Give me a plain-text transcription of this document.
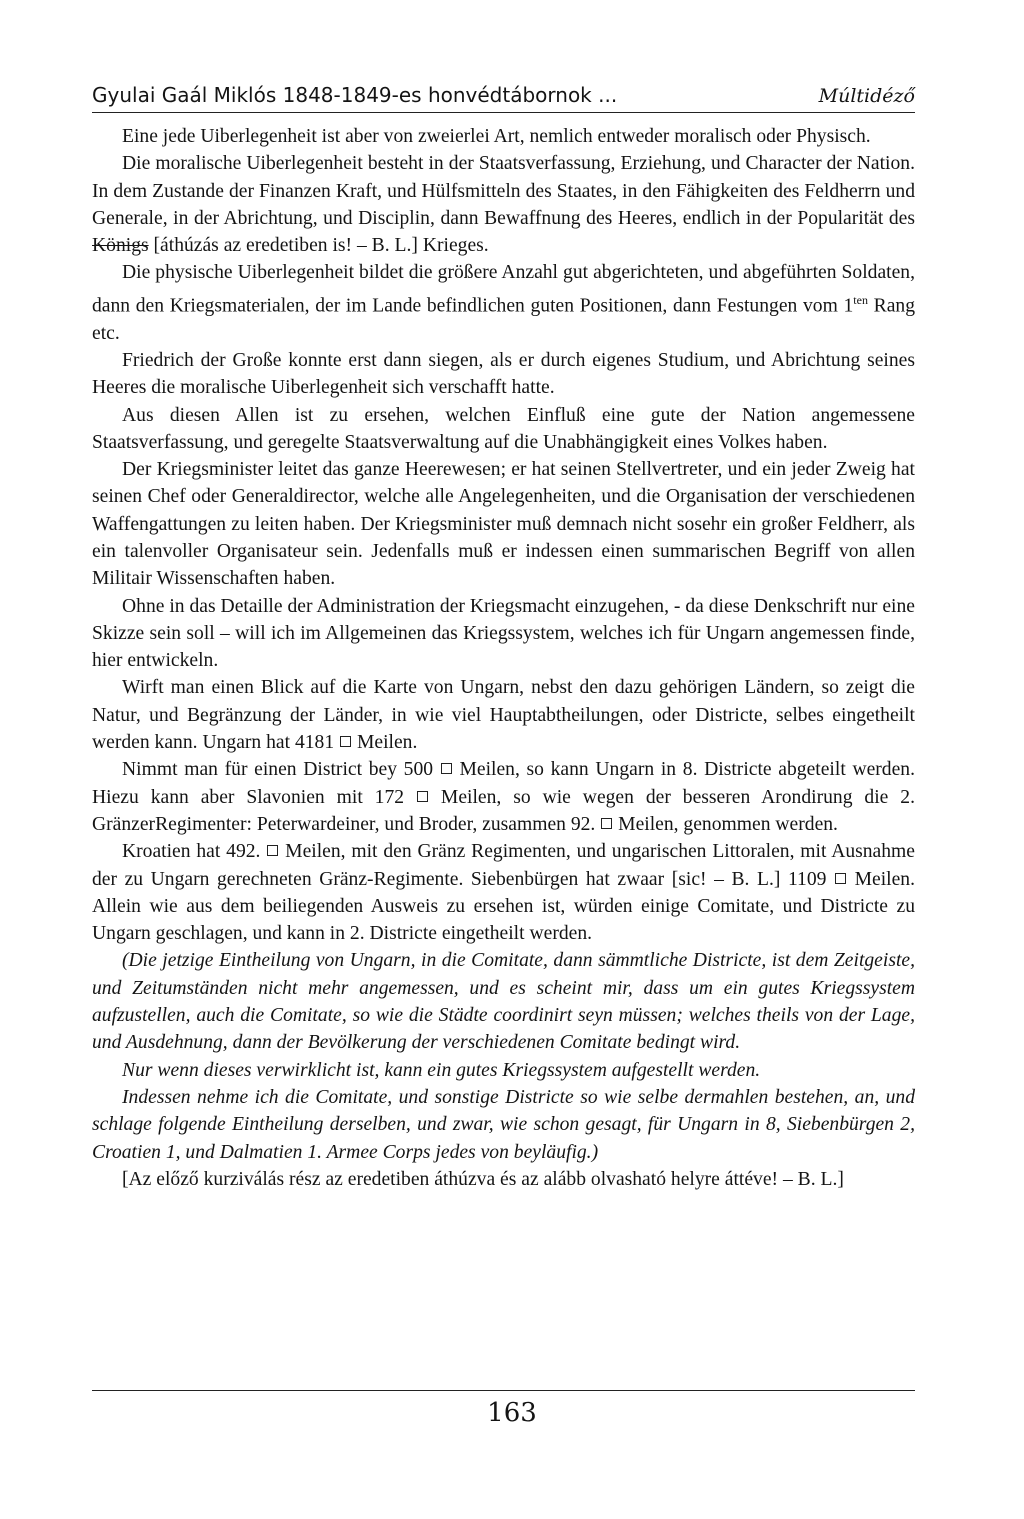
Gyulai Gaál Miklós 1848-1849-es honvédtábornok ...	Múltidéző

Eine jede Uiberlegenheit ist aber von zweierlei Art, nemlich entweder moralisch oder Physisch.

Die moralische Uiberlegenheit besteht in der Staatsverfassung, Erziehung, und Character der Nation. In dem Zustande der Finanzen Kraft, und Hülfsmitteln des Staates, in den Fähigkeiten des Feldherrn und Generale, in der Abrichtung, und Disciplin, dann Bewaffnung des Heeres, endlich in der Popularität des Königs [áthúzás az eredetiben is! – B. L.] Krieges.

Die physische Uiberlegenheit bildet die größere Anzahl gut abgerichteten, und abgeführten Soldaten, dann den Kriegsmaterialen, der im Lande befindlichen guten Positionen, dann Festungen vom $1^{ten}$ Rang etc.

Friedrich der Große konnte erst dann siegen, als er durch eigenes Studium, und Abrichtung seines Heeres die moralische Uiberlegenheit sich verschafft hatte.

Aus diesen Allen ist zu ersehen, welchen Einfluß eine gute der Nation angemessene Staatsverfassung, und geregelte Staatsverwaltung auf die Unabhängigkeit eines Volkes haben.

Der Kriegsminister leitet das ganze Heerewesen; er hat seinen Stellvertreter, und ein jeder Zweig hat seinen Chef oder Generaldirector, welche alle Angelegenheiten, und die Organisation der verschiedenen Waffengattungen zu leiten haben. Der Kriegsminister muß demnach nicht sosehr ein großer Feldherr, als ein talenvoller Organisateur sein. Jedenfalls muß er indessen einen summarischen Begriff von allen Militair Wissenschaften haben.

Ohne in das Detaille der Administration der Kriegsmacht einzugehen, - da diese Denkschrift nur eine Skizze sein soll – will ich im Allgemeinen das Kriegssystem, welches ich für Ungarn angemessen finde, hier entwickeln.

Wirft man einen Blick auf die Karte von Ungarn, nebst den dazu gehörigen Ländern, so zeigt die Natur, und Begränzung der Länder, in wie viel Hauptabtheilungen, oder Districte, selbes eingetheilt werden kann. Ungarn hat 4181 Meilen.

Nimmt man für einen District bey 500 Meilen, so kann Ungarn in 8. Districte abgeteilt werden. Hiezu kann aber Slavonien mit 172 Meilen, so wie wegen der besseren Arondirung die 2. GränzerRegimenter: Peterwardeiner, und Broder, zusammen 92. Meilen, genommen werden.

Kroatien hat 492. Meilen, mit den Gränz Regimenten, und ungarischen Littoralen, mit Ausnahme der zu Ungarn gerechneten Gränz-Regimente. Siebenbürgen hat zwaar [sic! – B. L.] 1109 Meilen. Allein wie aus dem beiliegenden Ausweis zu ersehen ist, würden einige Comitate, und Districte zu Ungarn geschlagen, und kann in 2. Districte eingetheilt werden.

(Die jetzige Eintheilung von Ungarn, in die Comitate, dann sämmtliche Districte, ist dem Zeitgeiste, und Zeitumständen nicht mehr angemessen, und es scheint mir, dass um ein gutes Kriegssystem aufzustellen, auch die Comitate, so wie die Städte coordinirt seyn müssen; welches theils von der Lage, und Ausdehnung, dann der Bevölkerung der verschiedenen Comitate bedingt wird.

Nur wenn dieses verwirklicht ist, kann ein gutes Kriegssystem aufgestellt werden.

Indessen nehme ich die Comitate, und sonstige Districte so wie selbe dermahlen bestehen, an, und schlage folgende Eintheilung derselben, und zwar, wie schon gesagt, für Ungarn in 8, Siebenbürgen 2, Croatien 1, und Dalmatien 1. Armee Corps jedes von beyläufig.)

[Az előző kurziválás rész az eredetiben áthúzva és az alább olvasható helyre áttéve! – B. L.]

163
